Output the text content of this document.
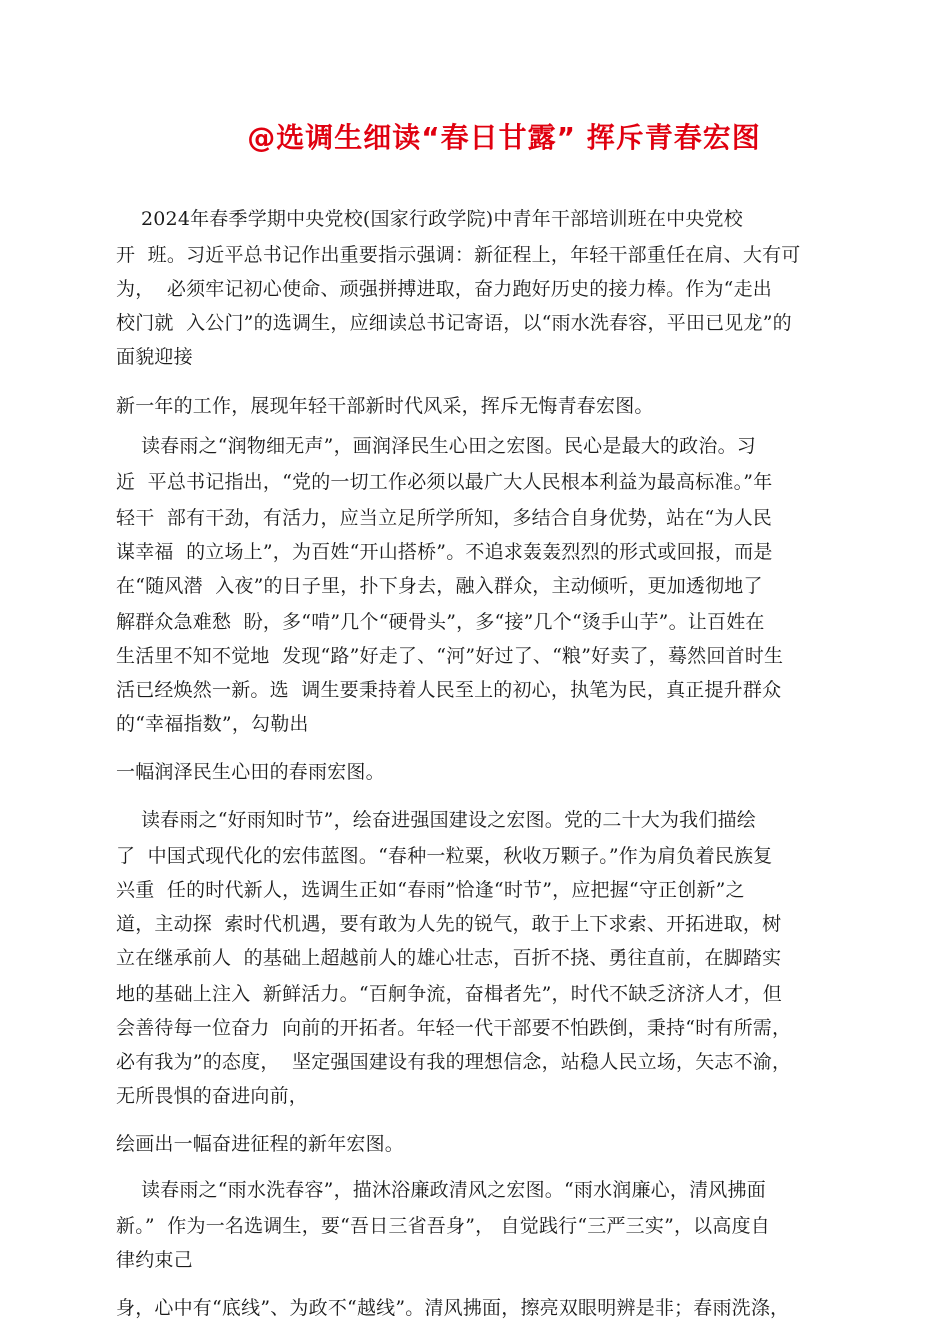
@选调生细读“春日甘露” 挥斥青春宏图
2024年春季学期中央党校(国家行政学院)中青年干部培训班在中央党校
开  班。习近平总书记作出重要指示强调：新征程上，年轻干部重任在肩、大有可
为，  必须牢记初心使命、顽强拼搏进取，奋力跑好历史的接力棒。作为“走出
校门就  入公门”的选调生，应细读总书记寄语，以“雨水洗春容，平田已见龙”的
面貌迎接
新一年的工作，展现年轻干部新时代风采，挥斥无悔青春宏图。
读春雨之“润物细无声”，画润泽民生心田之宏图。民心是最大的政治。习
近  平总书记指出，“党的一切工作必须以最广大人民根本利益为最高标准。”年
轻干  部有干劲，有活力，应当立足所学所知，多结合自身优势，站在“为人民
谋幸福  的立场上”，为百姓“开山搭桥”。不追求轰轰烈烈的形式或回报，而是
在“随风潜  入夜”的日子里，扑下身去，融入群众，主动倾听，更加透彻地了
解群众急难愁  盼，多“啃”几个“硬骨头”，多“接”几个“烫手山芋”。让百姓在
生活里不知不觉地  发现“路”好走了、“河”好过了、“粮”好卖了，蓦然回首时生
活已经焕然一新。选  调生要秉持着人民至上的初心，执笔为民，真正提升群众
的“幸福指数”，勾勒出
一幅润泽民生心田的春雨宏图。
读春雨之“好雨知时节”，绘奋进强国建设之宏图。党的二十大为我们描绘
了  中国式现代化的宏伟蓝图。“春种一粒粟，秋收万颗子。”作为肩负着民族复
兴重  任的时代新人，选调生正如“春雨”恰逢“时节”，应把握“守正创新”之
道，主动探  索时代机遇，要有敢为人先的锐气，敢于上下求索、开拓进取，树
立在继承前人  的基础上超越前人的雄心壮志，百折不挠、勇往直前，在脚踏实
地的基础上注入  新鲜活力。“百舸争流，奋楫者先”，时代不缺乏济济人才，但
会善待每一位奋力  向前的开拓者。年轻一代干部要不怕跌倒，秉持“时有所需，
必有我为”的态度，  坚定强国建设有我的理想信念，站稳人民立场，矢志不渝，
无所畏惧的奋进向前，
绘画出一幅奋进征程的新年宏图。
读春雨之“雨水洗春容”，描沐浴廉政清风之宏图。“雨水润廉心，清风拂面
新。”  作为一名选调生，要“吾日三省吾身”， 自觉践行“三严三实”，以高度自
律约束己
身，心中有“底线”、为政不“越线”。清风拂面，擦亮双眼明辨是非；春雨洗涤，
